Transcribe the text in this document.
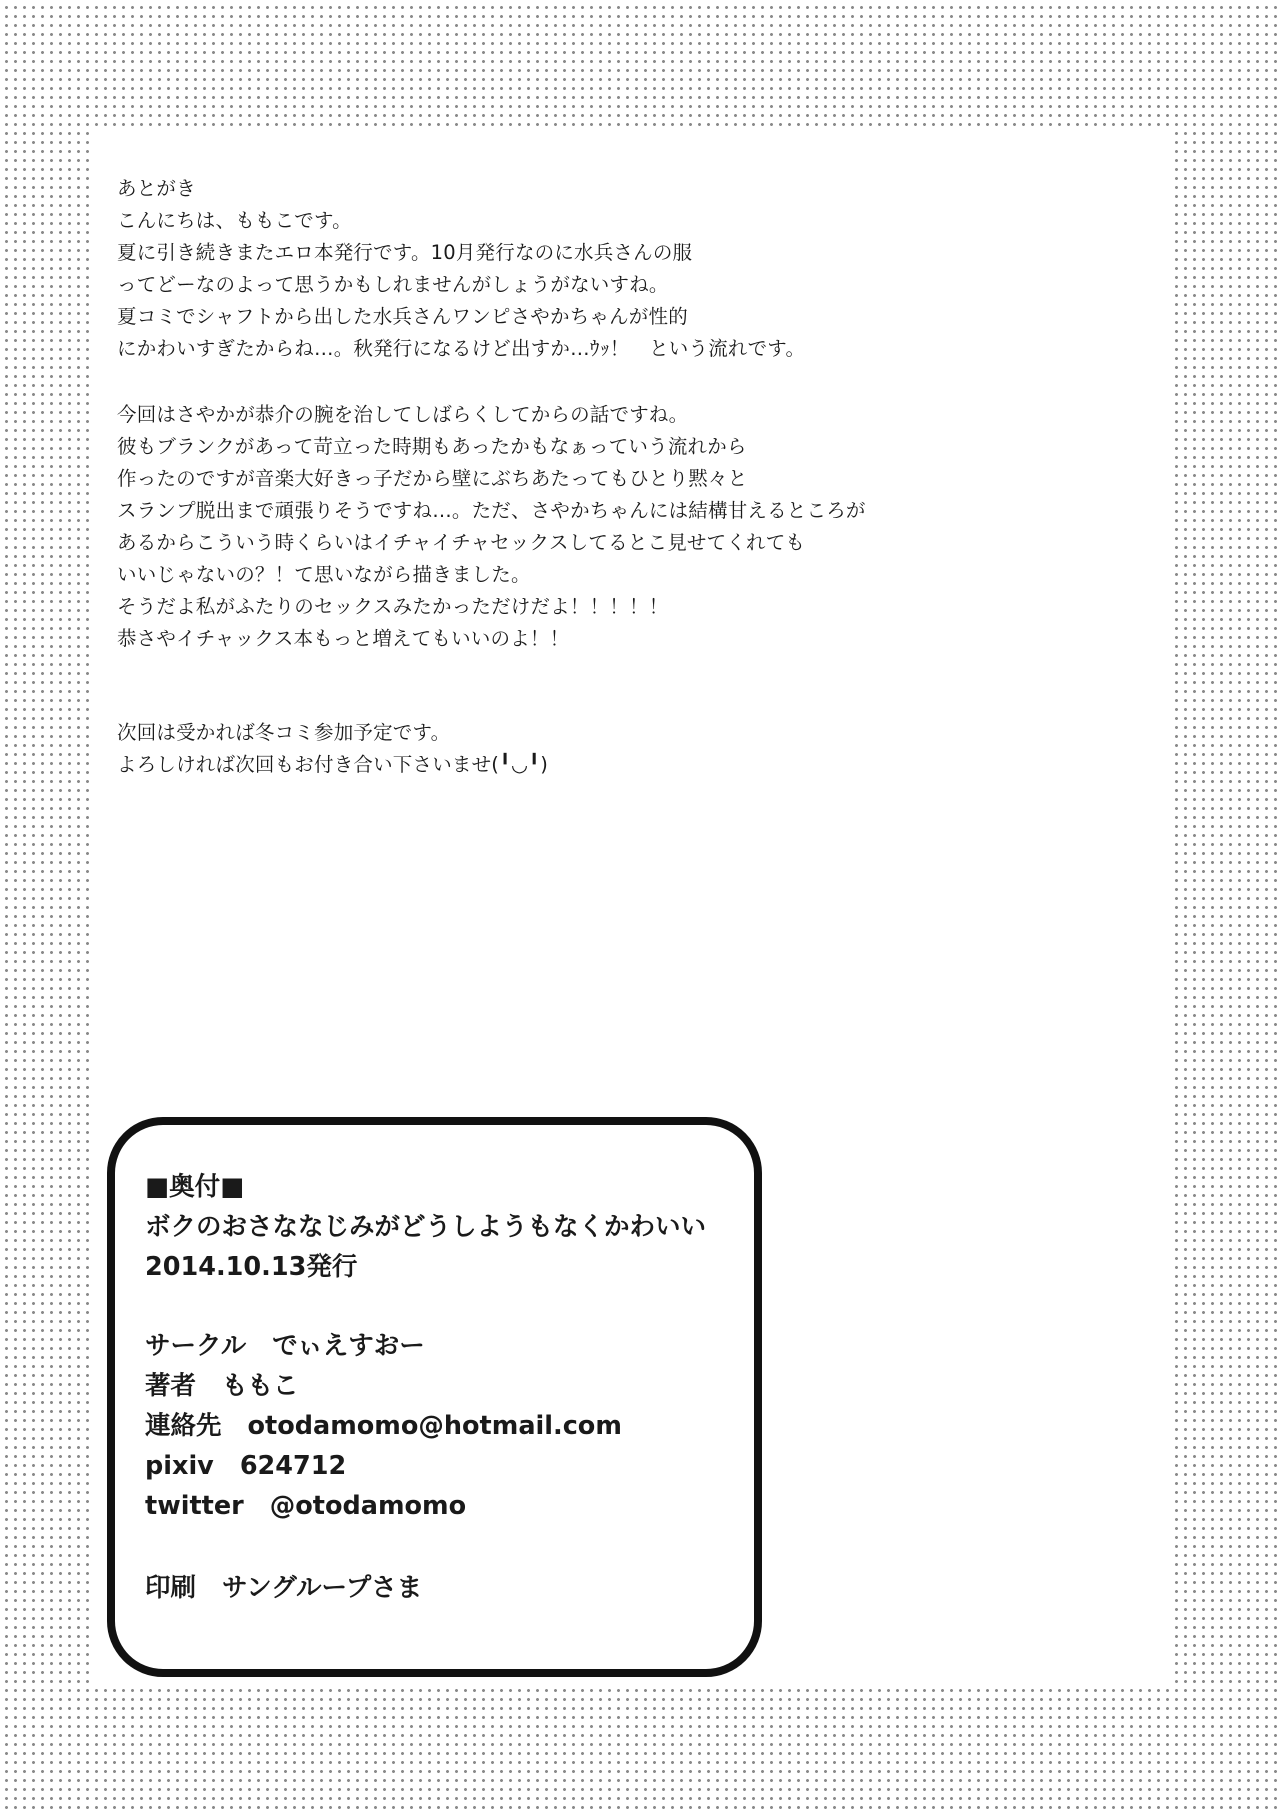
あとがき
こんにちは、ももこです。
夏に引き続きまたエロ本発行です。10月発行なのに水兵さんの服
ってどーなのよって思うかもしれませんがしょうがないすね。
夏コミでシャフトから出した水兵さんワンピさやかちゃんが性的
にかわいすぎたからね…。秋発行になるけど出すか…ｳｯ！　という流れです。
今回はさやかが恭介の腕を治してしばらくしてからの話ですね。
彼もブランクがあって苛立った時期もあったかもなぁっていう流れから
作ったのですが音楽大好きっ子だから壁にぶちあたってもひとり黙々と
スランプ脱出まで頑張りそうですね…。ただ、さやかちゃんには結構甘えるところが
あるからこういう時くらいはイチャイチャセックスしてるとこ見せてくれても
いいじゃないの？！て思いながら描きました。
そうだよ私がふたりのセックスみたかっただけだよ！！！！！
恭さやイチャックス本もっと増えてもいいのよ！！
次回は受かれば冬コミ参加予定です。
よろしければ次回もお付き合い下さいませ(╹◡╹)
■奥付■
ボクのおさななじみがどうしようもなくかわいい
2014.10.13発行
サークル でぃえすおー
著者 ももこ
連絡先 otodamomo@hotmail.com
pixiv 624712
twitter @otodamomo
印刷 サングループさま
